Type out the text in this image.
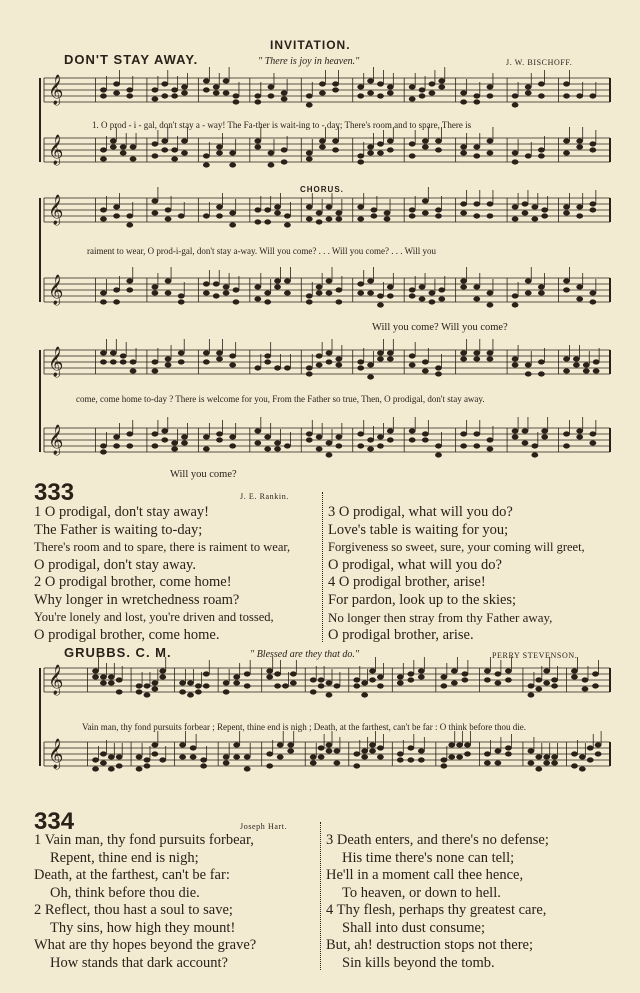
INVITATION.
DON'T STAY AWAY.	" There is joy in heaven."	J. W. BISCHOFF.
𝄞
𝄞
𝄞
𝄞
𝄞
𝄞
𝄞
𝄞
1. O prod - i - gal, don't stay a - way! The Fa-ther is wait-ing to - day; There's room and to spare, There is
CHORUS.
raiment to wear, O prod-i-gal, don't stay a-way. Will you come? . . . Will you come? . . . Will you
Will you come? Will you come?
come, come home to-day ? There is welcome for you, From the Father so true, Then, O prodigal, don't stay away.
Will you come?
333	J. E. Rankin.
1 O prodigal, don't stay away!
The Father is waiting to-day;
There's room and to spare, there is raiment to wear,
O prodigal, don't stay away.
2 O prodigal brother, come home!
Why longer in wretchedness roam?
You're lonely and lost, you're driven and tossed,
O prodigal brother, come home.
3 O prodigal, what will you do?
Love's table is waiting for you;
Forgiveness so sweet, sure, your coming will greet,
O prodigal, what will you do?
4 O prodigal brother, arise!
For pardon, look up to the skies;
No longer then stray from thy Father away,
O prodigal brother, arise.
GRUBBS. C. M.	" Blessed are they that do."	PERRY STEVENSON.
Vain man, thy fond pursuits forbear ; Repent, thine end is nigh ; Death, at the farthest, can't be far : O think before thou die.
334	Joseph Hart.
1 Vain man, thy fond pursuits forbear,
Repent, thine end is nigh;
Death, at the farthest, can't be far:
Oh, think before thou die.
2 Reflect, thou hast a soul to save;
Thy sins, how high they mount!
What are thy hopes beyond the grave?
How stands that dark account?
3 Death enters, and there's no defense;
His time there's none can tell;
He'll in a moment call thee hence,
To heaven, or down to hell.
4 Thy flesh, perhaps thy greatest care,
Shall into dust consume;
But, ah! destruction stops not there;
Sin kills beyond the tomb.
